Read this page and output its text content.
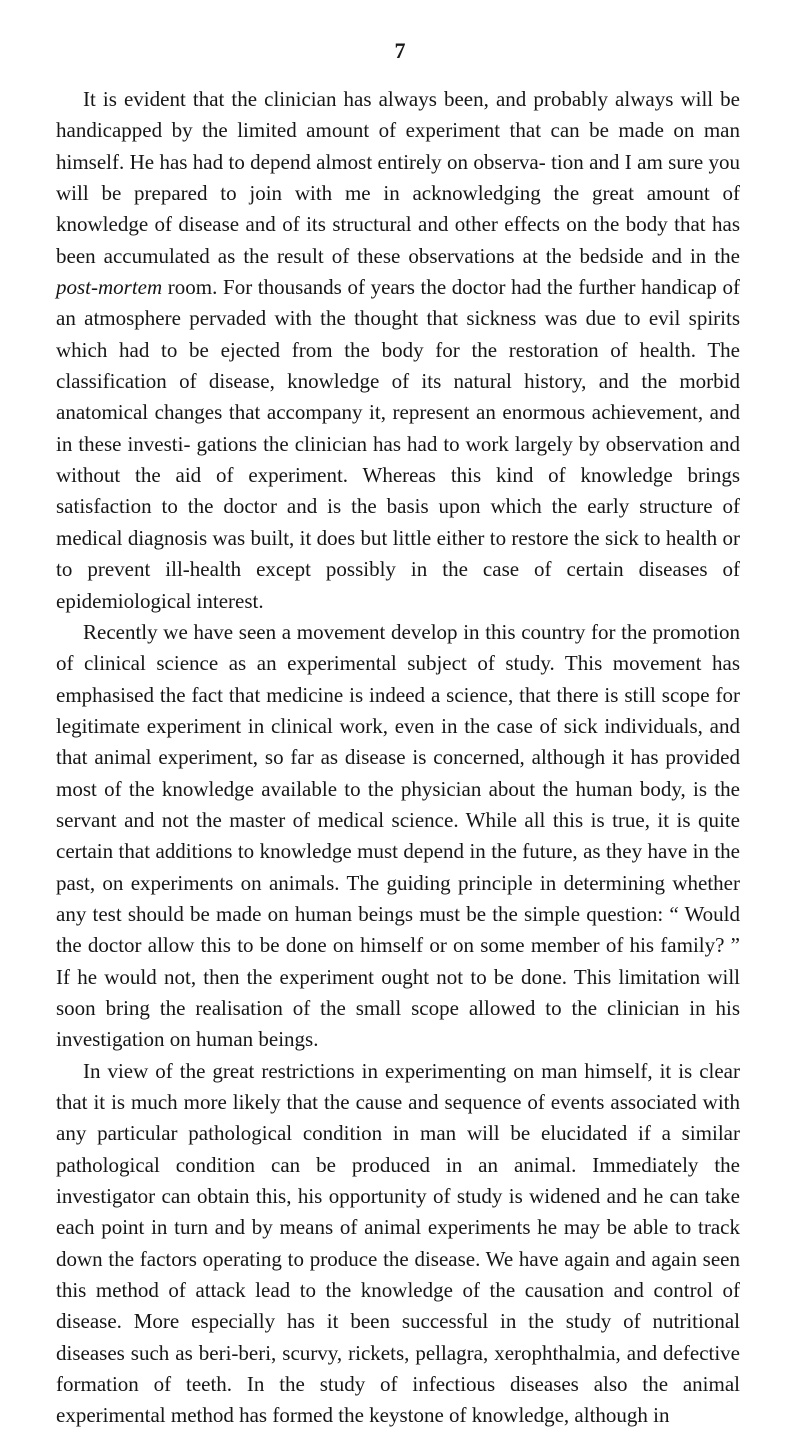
7

It is evident that the clinician has always been, and probably always will be handicapped by the limited amount of experiment that can be made on man himself. He has had to depend almost entirely on observa- tion and I am sure you will be prepared to join with me in acknowledging the great amount of knowledge of disease and of its structural and other effects on the body that has been accumulated as the result of these observations at the bedside and in the post-mortem room. For thousands of years the doctor had the further handicap of an atmosphere pervaded with the thought that sickness was due to evil spirits which had to be ejected from the body for the restoration of health. The classification of disease, knowledge of its natural history, and the morbid anatomical changes that accompany it, represent an enormous achievement, and in these investi- gations the clinician has had to work largely by observation and without the aid of experiment. Whereas this kind of knowledge brings satisfaction to the doctor and is the basis upon which the early structure of medical diagnosis was built, it does but little either to restore the sick to health or to prevent ill-health except possibly in the case of certain diseases of epidemiological interest.

Recently we have seen a movement develop in this country for the promotion of clinical science as an experimental subject of study. This movement has emphasised the fact that medicine is indeed a science, that there is still scope for legitimate experiment in clinical work, even in the case of sick individuals, and that animal experiment, so far as disease is concerned, although it has provided most of the knowledge available to the physician about the human body, is the servant and not the master of medical science. While all this is true, it is quite certain that additions to knowledge must depend in the future, as they have in the past, on experiments on animals. The guiding principle in determining whether any test should be made on human beings must be the simple question: “ Would the doctor allow this to be done on himself or on some member of his family? ” If he would not, then the experiment ought not to be done. This limitation will soon bring the realisation of the small scope allowed to the clinician in his investigation on human beings.

In view of the great restrictions in experimenting on man himself, it is clear that it is much more likely that the cause and sequence of events associated with any particular pathological condition in man will be elucidated if a similar pathological condition can be produced in an animal. Immediately the investigator can obtain this, his opportunity of study is widened and he can take each point in turn and by means of animal experiments he may be able to track down the factors operating to produce the disease. We have again and again seen this method of attack lead to the knowledge of the causation and control of disease. More especially has it been successful in the study of nutritional diseases such as beri-beri, scurvy, rickets, pellagra, xerophthalmia, and defective formation of teeth. In the study of infectious diseases also the animal experimental method has formed the keystone of knowledge, although in
